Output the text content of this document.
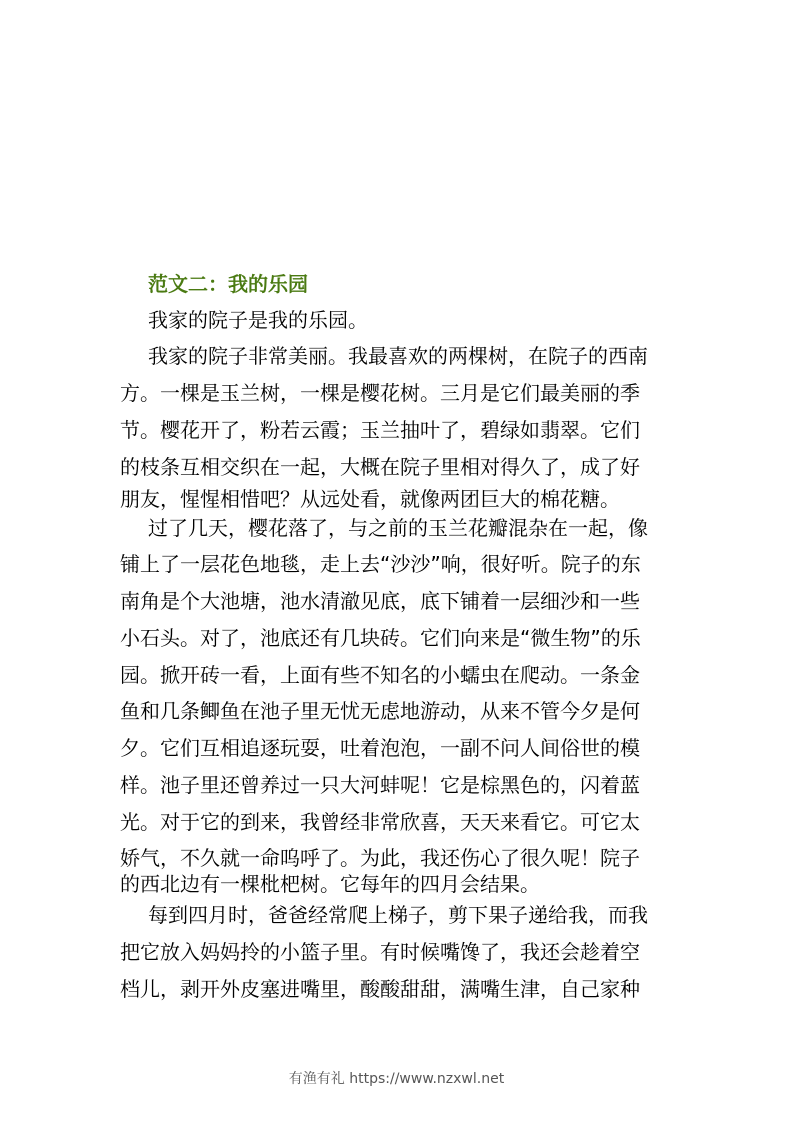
范文二：我的乐园
我家的院子是我的乐园。
我家的院子非常美丽。我最喜欢的两棵树，在院子的西南
方。一棵是玉兰树，一棵是樱花树。三月是它们最美丽的季
节。樱花开了，粉若云霞；玉兰抽叶了，碧绿如翡翠。它们
的枝条互相交织在一起，大概在院子里相对得久了，成了好
朋友，惺惺相惜吧？从远处看，就像两团巨大的棉花糖。
过了几天，樱花落了，与之前的玉兰花瓣混杂在一起，像
铺上了一层花色地毯，走上去“沙沙”响，很好听。院子的东
南角是个大池塘，池水清澈见底，底下铺着一层细沙和一些
小石头。对了，池底还有几块砖。它们向来是“微生物”的乐
园。掀开砖一看，上面有些不知名的小蠕虫在爬动。一条金
鱼和几条鲫鱼在池子里无忧无虑地游动，从来不管今夕是何
夕。它们互相追逐玩耍，吐着泡泡，一副不问人间俗世的模
样。池子里还曾养过一只大河蚌呢！它是棕黑色的，闪着蓝
光。对于它的到来，我曾经非常欣喜，天天来看它。可它太
娇气，不久就一命呜呼了。为此，我还伤心了很久呢！院子
的西北边有一棵枇杷树。它每年的四月会结果。
每到四月时，爸爸经常爬上梯子，剪下果子递给我，而我
把它放入妈妈拎的小篮子里。有时候嘴馋了，我还会趁着空
档儿，剥开外皮塞进嘴里，酸酸甜甜，满嘴生津，自己家种
有渔有礼 https://www.nzxwl.net
